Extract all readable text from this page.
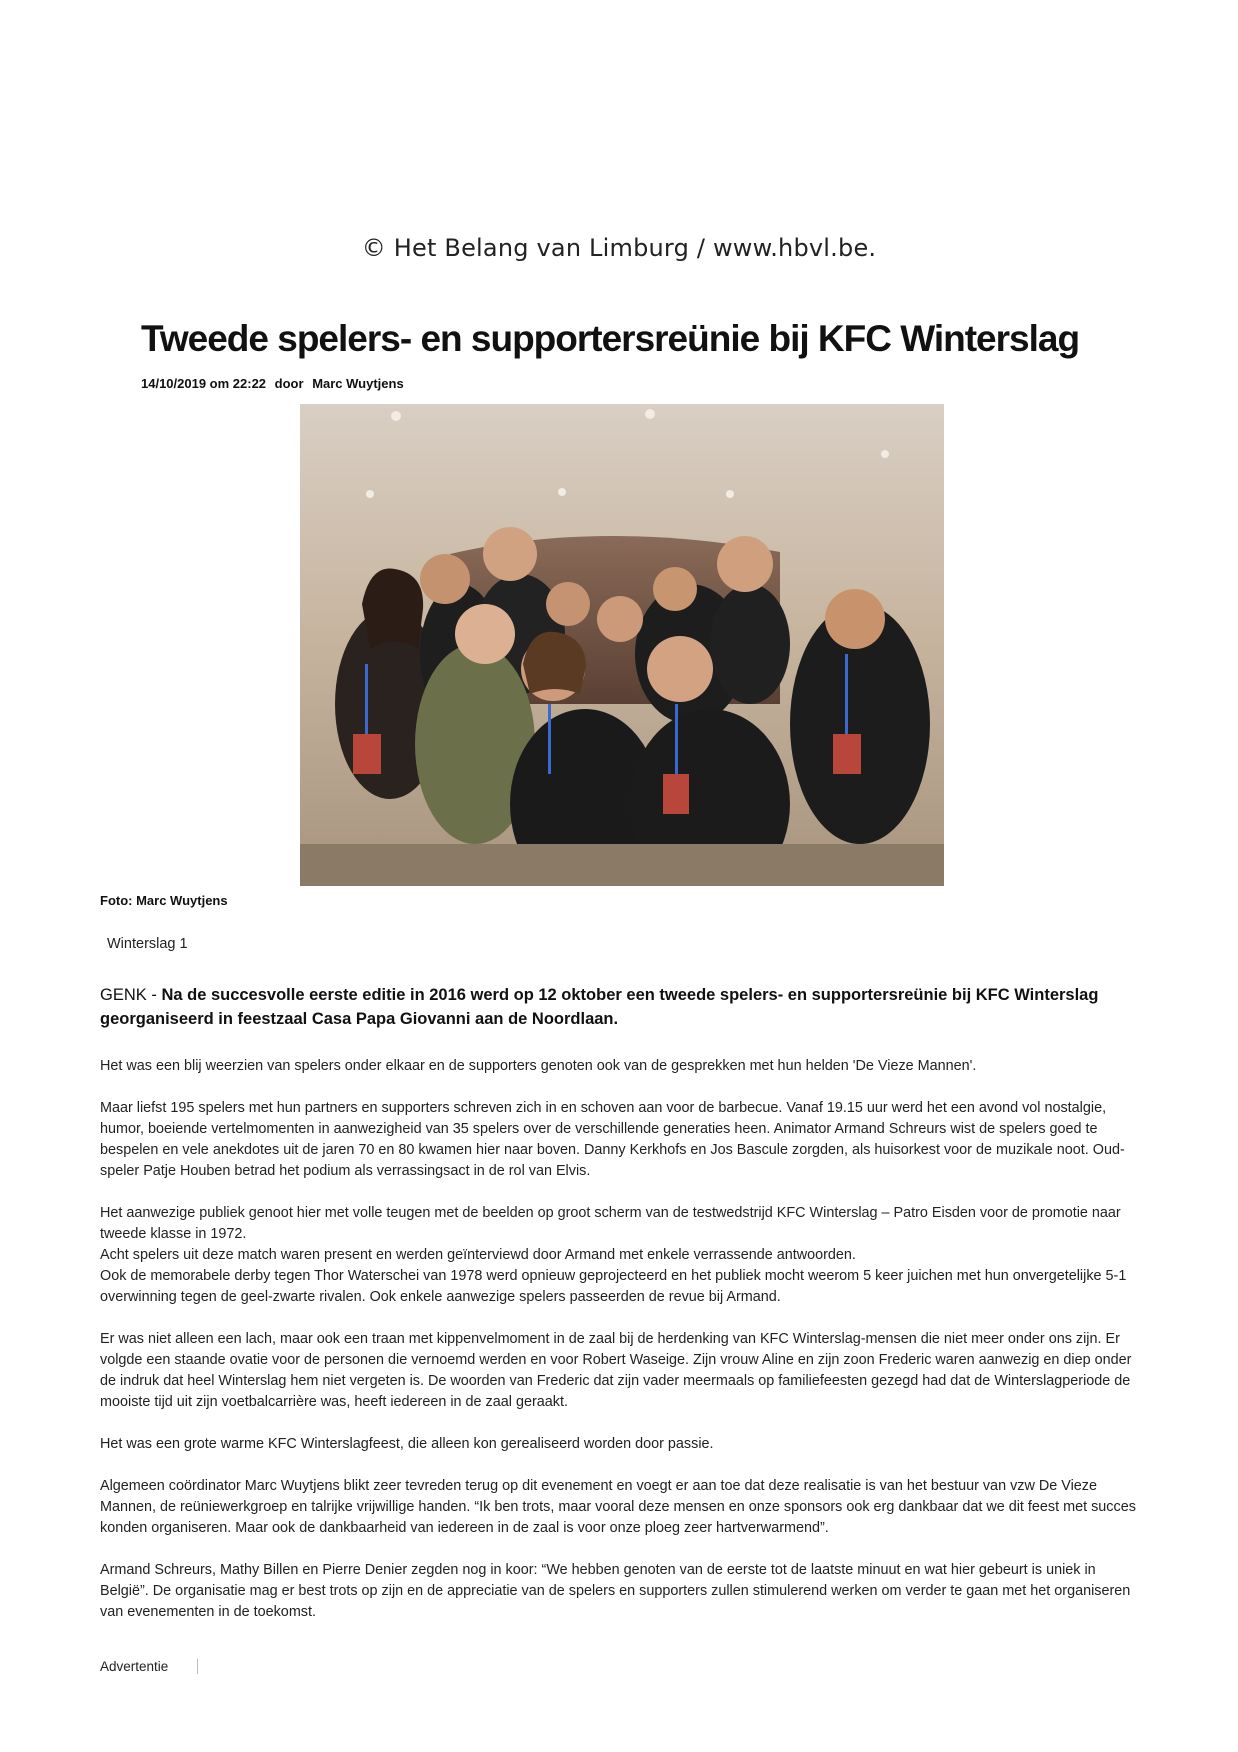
© Het Belang van Limburg / www.hbvl.be.
Tweede spelers- en supportersreünie bij KFC Winterslag
14/10/2019 om 22:22 door Marc Wuytjens
Foto: Marc Wuytjens
Winterslag 1

GENK - Na de succesvolle eerste editie in 2016 werd op 12 oktober een tweede spelers- en supportersreünie bij KFC Winterslag georganiseerd in feestzaal Casa Papa Giovanni aan de Noordlaan.

Het was een blij weerzien van spelers onder elkaar en de supporters genoten ook van de gesprekken met hun helden 'De Vieze Mannen'.

Maar liefst 195 spelers met hun partners en supporters schreven zich in en schoven aan voor de barbecue. Vanaf 19.15 uur werd het een avond vol nostalgie, humor, boeiende vertelmomenten in aanwezigheid van 35 spelers over de verschillende generaties heen. Animator Armand Schreurs wist de spelers goed te bespelen en vele anekdotes uit de jaren 70 en 80 kwamen hier naar boven. Danny Kerkhofs en Jos Bascule zorgden, als huisorkest voor de muzikale noot. Oud-speler Patje Houben betrad het podium als verrassingsact in de rol van Elvis.

Het aanwezige publiek genoot hier met volle teugen met de beelden op groot scherm van de testwedstrijd KFC Winterslag – Patro Eisden voor de promotie naar tweede klasse in 1972.
Acht spelers uit deze match waren present en werden geïnterviewd door Armand met enkele verrassende antwoorden.
Ook de memorabele derby tegen Thor Waterschei van 1978 werd opnieuw geprojecteerd en het publiek mocht weerom 5 keer juichen met hun onvergetelijke 5-1 overwinning tegen de geel-zwarte rivalen. Ook enkele aanwezige spelers passeerden de revue bij Armand.

Er was niet alleen een lach, maar ook een traan met kippenvelmoment in de zaal bij de herdenking van KFC Winterslag-mensen die niet meer onder ons zijn. Er volgde een staande ovatie voor de personen die vernoemd werden en voor Robert Waseige. Zijn vrouw Aline en zijn zoon Frederic waren aanwezig en diep onder de indruk dat heel Winterslag hem niet vergeten is. De woorden van Frederic dat zijn vader meermaals op familiefeesten gezegd had dat de Winterslagperiode de mooiste tijd uit zijn voetbalcarrière was, heeft iedereen in de zaal geraakt.

Het was een grote warme KFC Winterslagfeest, die alleen kon gerealiseerd worden door passie.

Algemeen coördinator Marc Wuytjens blikt zeer tevreden terug op dit evenement en voegt er aan toe dat deze realisatie is van het bestuur van vzw De Vieze Mannen, de reüniewerkgroep en talrijke vrijwillige handen. “Ik ben trots, maar vooral deze mensen en onze sponsors ook erg dankbaar dat we dit feest met succes konden organiseren. Maar ook de dankbaarheid van iedereen in de zaal is voor onze ploeg zeer hartverwarmend”.

Armand Schreurs, Mathy Billen en Pierre Denier zegden nog in koor: “We hebben genoten van de eerste tot de laatste minuut en wat hier gebeurt is uniek in België”. De organisatie mag er best trots op zijn en de appreciatie van de spelers en supporters zullen stimulerend werken om verder te gaan met het organiseren van evenementen in de toekomst.

Advertentie
